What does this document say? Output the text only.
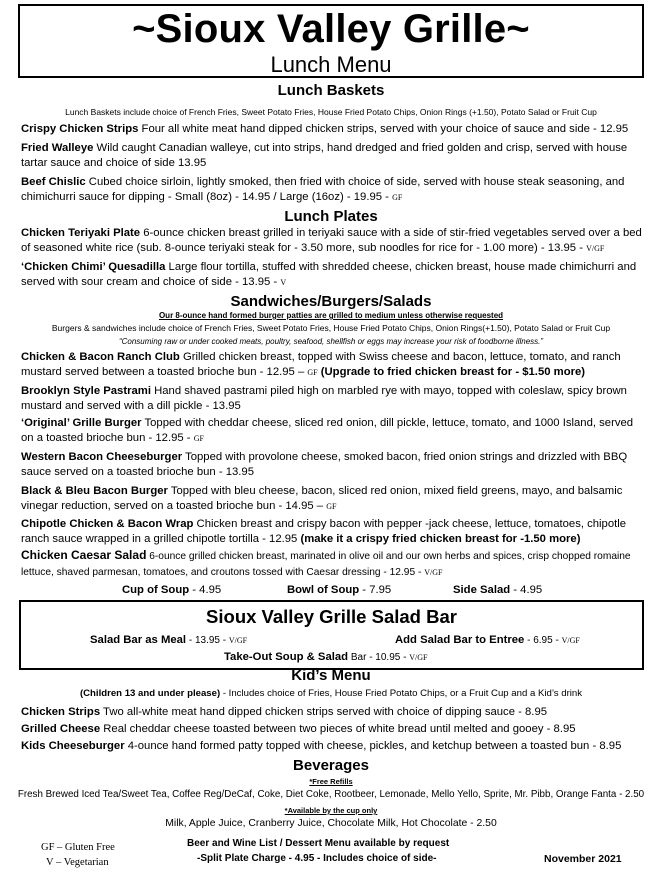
~Sioux Valley Grille~
Lunch Menu
Lunch Baskets
Lunch Baskets include choice of French Fries, Sweet Potato Fries, House Fried Potato Chips, Onion Rings (+1.50), Potato Salad or Fruit Cup
Crispy Chicken Strips Four all white meat hand dipped chicken strips, served with your choice of sauce and side - 12.95
Fried Walleye Wild caught Canadian walleye, cut into strips, hand dredged and fried golden and crisp, served with house tartar sauce and choice of side 13.95
Beef Chislic Cubed choice sirloin, lightly smoked, then fried with choice of side, served with house steak seasoning, and chimichurri sauce for dipping - Small (8oz) - 14.95 / Large (16oz) - 19.95 - GF
Lunch Plates
Chicken Teriyaki Plate 6-ounce chicken breast grilled in teriyaki sauce with a side of stir-fried vegetables served over a bed of seasoned white rice (sub. 8-ounce teriyaki steak for - 3.50 more, sub noodles for rice for - 1.00 more) - 13.95 - V/GF
‘Chicken Chimi’ Quesadilla Large flour tortilla, stuffed with shredded cheese, chicken breast, house made chimichurri and served with sour cream and choice of side - 13.95 - V
Sandwiches/Burgers/Salads
Our 8-ounce hand formed burger patties are grilled to medium unless otherwise requested
Burgers & sandwiches include choice of French Fries, Sweet Potato Fries, House Fried Potato Chips, Onion Rings(+1.50), Potato Salad or Fruit Cup
“Consuming raw or under cooked meats, poultry, seafood, shellfish or eggs may increase your risk of foodborne illness.”
Chicken & Bacon Ranch Club Grilled chicken breast, topped with Swiss cheese and bacon, lettuce, tomato, and ranch mustard served between a toasted brioche bun - 12.95 – GF (Upgrade to fried chicken breast for - $1.50 more)
Brooklyn Style Pastrami Hand shaved pastrami piled high on marbled rye with mayo, topped with coleslaw, spicy brown mustard and served with a dill pickle - 13.95
‘Original’ Grille Burger Topped with cheddar cheese, sliced red onion, dill pickle, lettuce, tomato, and 1000 Island, served on a toasted brioche bun - 12.95 - GF
Western Bacon Cheeseburger Topped with provolone cheese, smoked bacon, fried onion strings and drizzled with BBQ sauce served on a toasted brioche bun - 13.95
Black & Bleu Bacon Burger Topped with bleu cheese, bacon, sliced red onion, mixed field greens, mayo, and balsamic vinegar reduction, served on a toasted brioche bun - 14.95 – GF
Chipotle Chicken & Bacon Wrap Chicken breast and crispy bacon with pepper -jack cheese, lettuce, tomatoes, chipotle ranch sauce wrapped in a grilled chipotle tortilla - 12.95 (make it a crispy fried chicken breast for -1.50 more)
Chicken Caesar Salad 6-ounce grilled chicken breast, marinated in olive oil and our own herbs and spices, crisp chopped romaine lettuce, shaved parmesan, tomatoes, and croutons tossed with Caesar dressing - 12.95 - V/GF
Cup of Soup - 4.95	Bowl of Soup - 7.95	Side Salad - 4.95
Sioux Valley Grille Salad Bar
Salad Bar as Meal - 13.95 - V/GF	Add Salad Bar to Entree - 6.95 - V/GF
Take-Out Soup & Salad Bar - 10.95 - V/GF
Kid’s Menu
(Children 13 and under please) - Includes choice of Fries, House Fried Potato Chips, or a Fruit Cup and a Kid’s drink
Chicken Strips Two all-white meat hand dipped chicken strips served with choice of dipping sauce - 8.95
Grilled Cheese Real cheddar cheese toasted between two pieces of white bread until melted and gooey - 8.95
Kids Cheeseburger 4-ounce hand formed patty topped with cheese, pickles, and ketchup between a toasted bun - 8.95
Beverages
*Free Refills
Fresh Brewed Iced Tea/Sweet Tea, Coffee Reg/DeCaf, Coke, Diet Coke, Rootbeer, Lemonade, Mello Yello, Sprite, Mr. Pibb, Orange Fanta - 2.50
*Available by the cup only
Milk, Apple Juice, Cranberry Juice, Chocolate Milk, Hot Chocolate - 2.50
GF – Gluten Free
V – Vegetarian
Beer and Wine List / Dessert Menu available by request
-Split Plate Charge - 4.95 - Includes choice of side-	November 2021
